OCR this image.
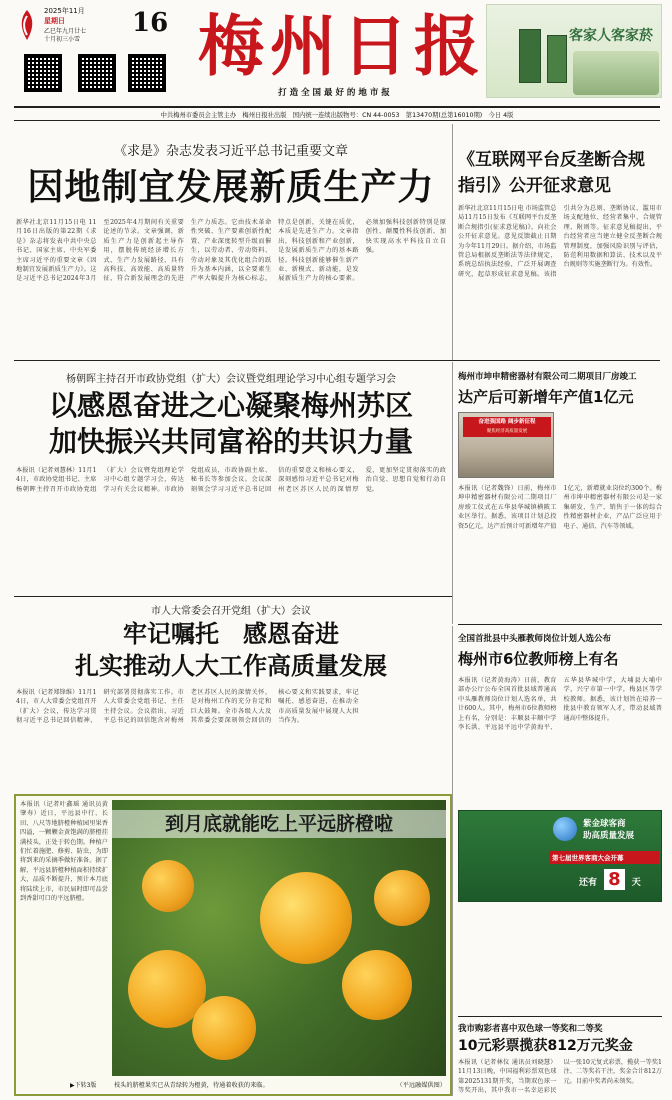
2025年11月
星期日
乙巳年九月廿七
十月初三小雪
16 梅州日报
打 造 全 国 最 好 的 地 市 报
客家人客家菸
中共梅州市委员会主管主办　梅州日报社出版　国内统一连续出版物号：CN 44-0053　第13470期(总第16010期)　今日 4版
《求是》杂志发表习近平总书记重要文章
因地制宜发展新质生产力
新华社北京11月15日电 11月16日出版的第22期《求是》杂志将发表中共中央总书记、国家主席、中央军委主席习近平的重要文章《因地制宜发展新质生产力》。这是习近平总书记2024年3月至2025年4月期间有关重要论述的节录。文章强调，新质生产力是创新起主导作用，摆脱传统经济增长方式、生产力发展路径，具有高科技、高效能、高质量特征，符合新发展理念的先进生产力质态。它由技术革命性突破、生产要素创新性配置、产业深度转型升级而催生，以劳动者、劳动资料、劳动对象及其优化组合的跃升为基本内涵，以全要素生产率大幅提升为核心标志，特点是创新，关键在质优，本质是先进生产力。文章指出，科技创新和产业创新，是发展新质生产力的基本路径。科技创新能够催生新产业、新模式、新动能，是发展新质生产力的核心要素。必须加强科技创新特别是原创性、颠覆性科技创新，加快实现高水平科技自立自强。
《互联网平台反垄断合规
指引》公开征求意见
新华社北京11月15日电 市场监管总局11月15日发布《互联网平台反垄断合规指引(征求意见稿)》，向社会公开征求意见。意见反馈截止日期为今年11月29日。据介绍，市场监管总局根据反垄断法等法律规定，系统总结执法经验，广泛开展调查研究，起草形成征求意见稿。该指引共分为总则、垄断协议、滥用市场支配地位、经营者集中、合规管理、附则等。征求意见稿提出，平台经营者应当建立健全反垄断合规管理制度，加强风险识别与评估，防范利用数据和算法、技术以及平台规则等实施垄断行为。有效性。
杨朝晖主持召开市政协党组（扩大）会议暨党组理论学习中心组专题学习会
以感恩奋进之心凝聚梅州苏区
加快振兴共同富裕的共识力量
本报讯（记者刘慧林）11月14日，市政协党组书记、主席杨朝晖主持召开市政协党组（扩大）会议暨党组理论学习中心组专题学习会，传达学习有关会议精神。市政协党组成员，市政协副主席、秘书长等参加会议。会议深刻领会学习习近平总书记回信的重要意义和核心要义，深刻感悟习近平总书记对梅州老区苏区人民的深情厚爱，更加坚定贯彻落实的政治自觉、思想自觉和行动自觉。
梅州市坤申精密器材有限公司二期项目厂房竣工
达产后可新增年产值1亿元
奋进强国路 阔步新征程
聚焦经济高质量发展
本报讯（记者魏锋）日前，梅州市坤申精密器材有限公司二期项目厂房竣工仪式在五华县华城镇横陂工业区举行。据悉，该项目计划总投资5亿元，达产后预计可新增年产值1亿元，新增就业岗位约300个。梅州市坤申精密器材有限公司是一家集研发、生产、销售于一体的综合性精密器材企业，产品广泛应用于电子、通信、汽车等领域。
市人大常委会召开党组（扩大）会议
牢记嘱托　感恩奋进
扎实推动人大工作高质量发展
本报讯（记者郑锋维）11月14日，市人大常委会党组召开（扩大）会议，传达学习贯彻习近平总书记回信精神，研究部署贯彻落实工作。市人大常委会党组书记、主任主持会议。会议指出，习近平总书记的回信饱含对梅州老区苏区人民的深情关怀，是对梅州工作的充分肯定和巨大鼓舞。全市各级人大及其常委会要深刻领会回信的核心要义和实践要求，牢记嘱托、感恩奋进，在推动全市高质量发展中展现人大担当作为。
全国首批县中头雁教师岗位计划人选公布
梅州市6位教师榜上有名
本报讯（记者黄海涛）日前，教育部办公厅公布全国首批县域普通高中头雁教师岗位计划人选名单，共计600人。其中，梅州市6位教师榜上有名，分别是：丰顺县丰顺中学李长洪、平远县平远中学黄海平、五华县华城中学，大埔县大埔中学，兴宁市第一中学，梅县区等学校教师。据悉，该计划旨在培养一批县中教育领军人才，带动县域普通高中整体提升。
本报讯（记者叶鑫瑶 通讯员黄肇寿）近日，平远县中行、长田、八尺等地脐橙种植园里果香四溢，一颗颗金黄饱满的脐橙挂满枝头，正处于转色期。种植户们忙着施肥、修剪、防虫，为即将到来的采摘季做好准备。据了解，平远县脐橙种植面积持续扩大，品质不断提升，预计本月底将陆续上市，市民届时即可品尝到香甜可口的平远脐橙。
▶下转3版
到月底就能吃上平远脐橙啦
枝头的脐橙果实已从青绿转为橙黄，待通着收获的来临。	（平远融媒供图）
紫金球客商
助高质量发展
第七届世界客商大会开幕
还有 8 天
我市购彩者喜中双色球一等奖和二等奖
10元彩票揽获812万元奖金
本报讯（记者林仪 通讯员刘晓慧）11月13日晚，中国福利彩票双色球第2025131期开奖，当期双色球一等奖开出，其中我市一名幸运彩民以一张10元复式彩票，揽获一等奖1注、二等奖若干注，奖金合计812万元。目前中奖者尚未领奖。
